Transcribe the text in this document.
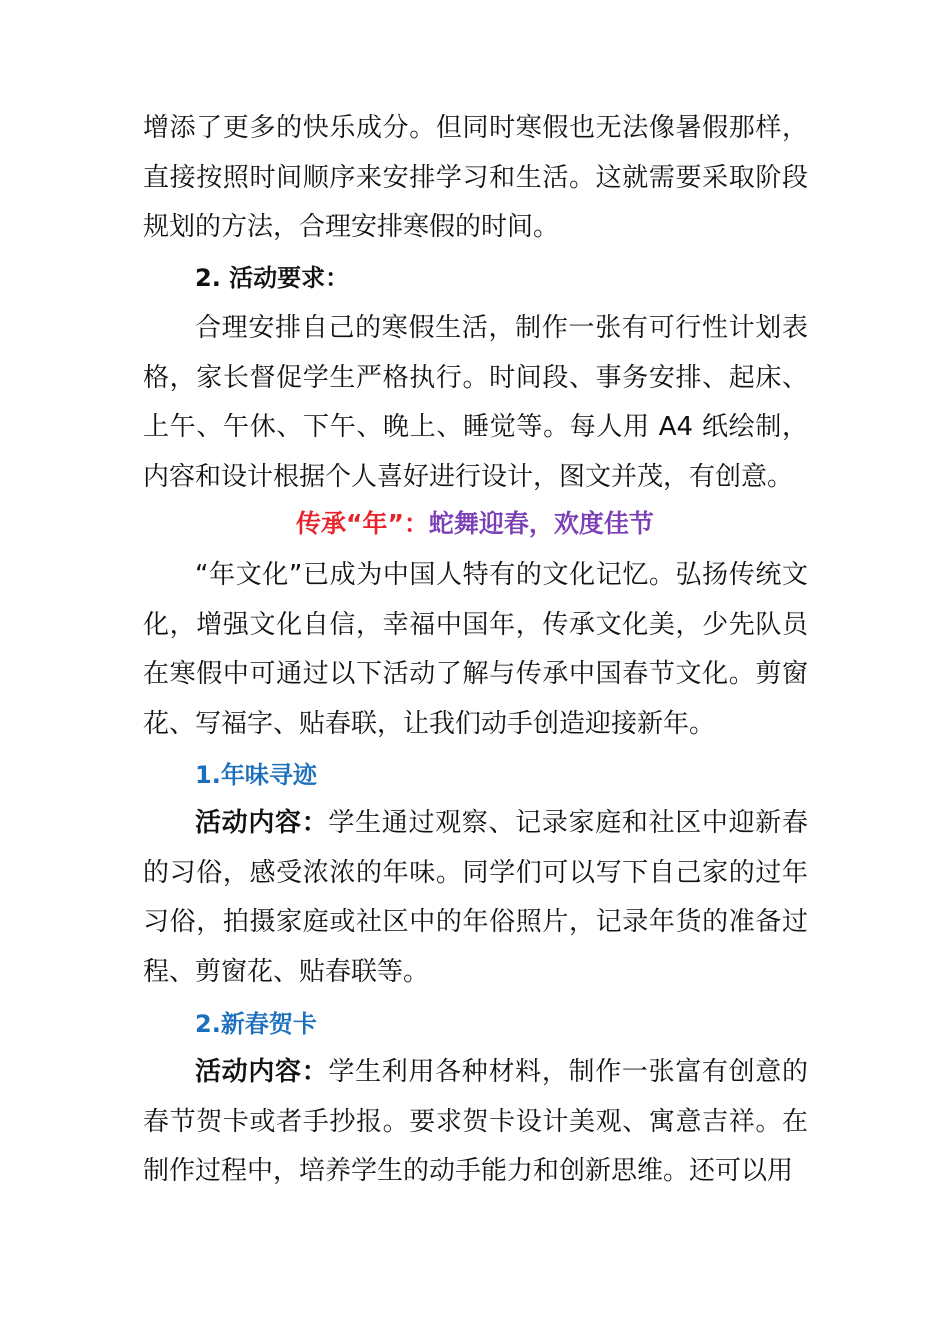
增添了更多的快乐成分。但同时寒假也无法像暑假那样，直接按照时间顺序来安排学习和生活。这就需要采取阶段规划的方法，合理安排寒假的时间。

2. 活动要求：

合理安排自己的寒假生活，制作一张有可行性计划表格，家长督促学生严格执行。时间段、事务安排、起床、上午、午休、下午、晚上、睡觉等。每人用 A4 纸绘制，内容和设计根据个人喜好进行设计，图文并茂，有创意。

传承“年”：蛇舞迎春，欢度佳节

“年文化”已成为中国人特有的文化记忆。弘扬传统文化，增强文化自信，幸福中国年，传承文化美，少先队员在寒假中可通过以下活动了解与传承中国春节文化。剪窗花、写福字、贴春联，让我们动手创造迎接新年。

1.年味寻迹

活动内容：学生通过观察、记录家庭和社区中迎新春的习俗，感受浓浓的年味。同学们可以写下自己家的过年习俗，拍摄家庭或社区中的年俗照片，记录年货的准备过程、剪窗花、贴春联等。

2.新春贺卡

活动内容：学生利用各种材料，制作一张富有创意的春节贺卡或者手抄报。要求贺卡设计美观、寓意吉祥。在制作过程中，培养学生的动手能力和创新思维。还可以用
